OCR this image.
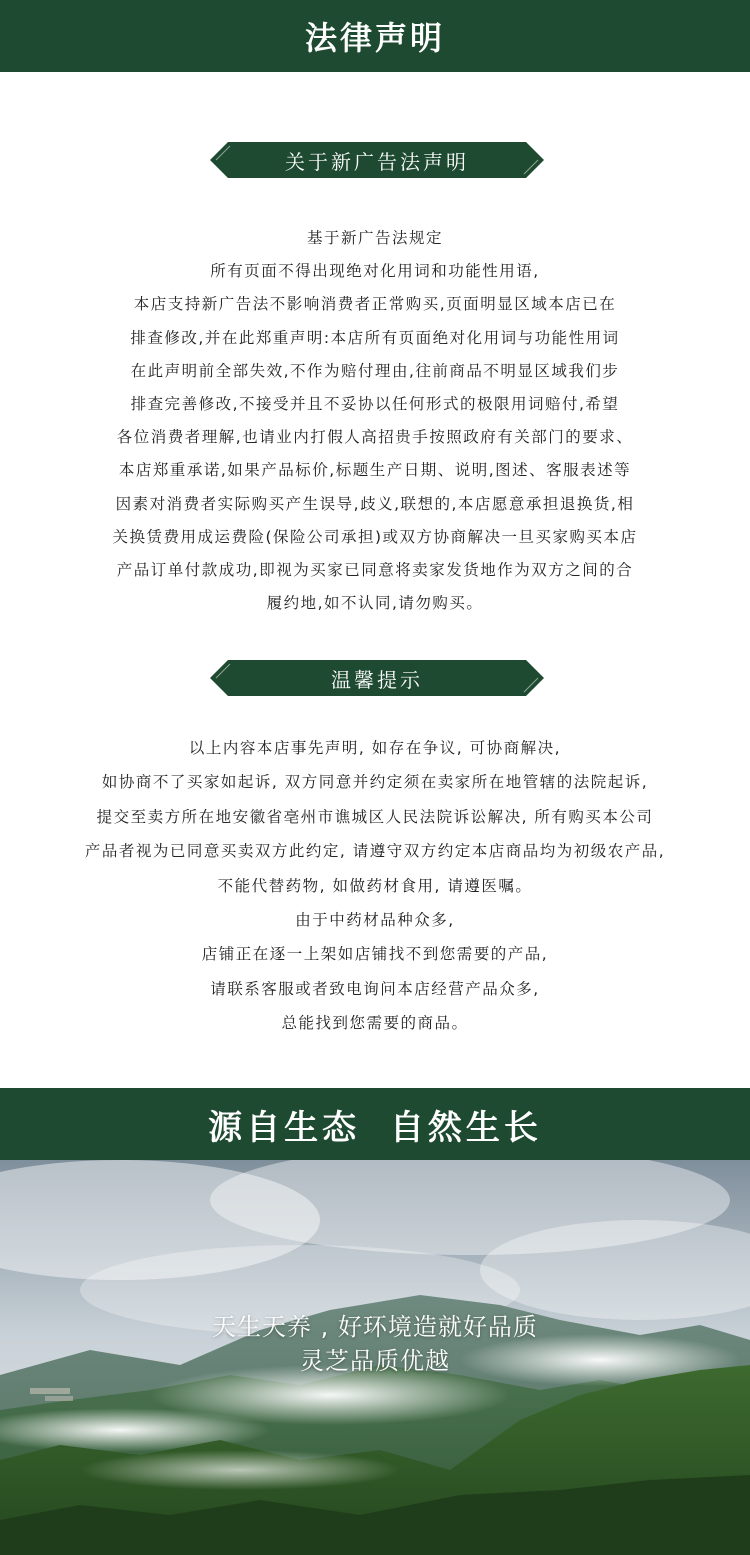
法律声明
关于新广告法声明

基于新广告法规定

所有页面不得出现绝对化用词和功能性用语,

本店支持新广告法不影响消费者正常购买,页面明显区域本店已在

排查修改,并在此郑重声明:本店所有页面绝对化用词与功能性用词

在此声明前全部失效,不作为赔付理由,往前商品不明显区域我们步

排查完善修改,不接受并且不妥协以任何形式的极限用词赔付,希望

各位消费者理解,也请业内打假人高招贵手按照政府有关部门的要求、

本店郑重承诺,如果产品标价,标题生产日期、说明,图述、客服表述等

因素对消费者实际购买产生误导,歧义,联想的,本店愿意承担退换货,相

关换赁费用成运费险(保险公司承担)或双方协商解决一旦买家购买本店

产品订单付款成功,即视为买家已同意将卖家发货地作为双方之间的合

履约地,如不认同,请勿购买。

温馨提示

以上内容本店事先声明, 如存在争议, 可协商解决,

如协商不了买家如起诉, 双方同意并约定须在卖家所在地管辖的法院起诉,

提交至卖方所在地安徽省亳州市谯城区人民法院诉讼解决, 所有购买本公司

产品者视为已同意买卖双方此约定, 请遵守双方约定本店商品均为初级农产品,

不能代替药物, 如做药材食用, 请遵医嘱。

由于中药材品种众多,

店铺正在逐一上架如店铺找不到您需要的产品,

请联系客服或者致电询问本店经营产品众多,

总能找到您需要的商品。

源自生态 自然生长
天生天养 , 好环境造就好品质
灵芝品质优越
